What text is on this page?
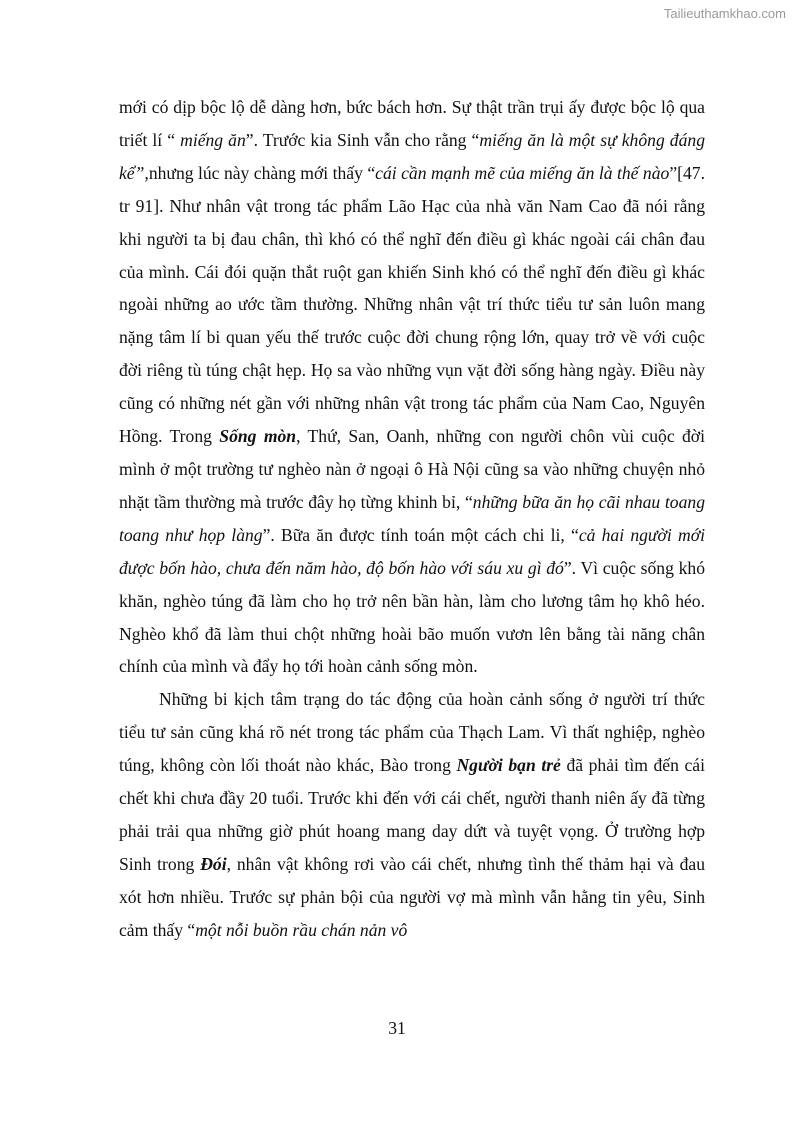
Tailieuthamkhao.com

mới có dịp bộc lộ dễ dàng hơn, bức bách hơn. Sự thật trần trụi ấy được bộc lộ qua triết lí “ miếng ăn”. Trước kia Sinh vẫn cho rằng “miếng ăn là một sự không đáng kể”,nhưng lúc này chàng mới thấy “cái cần mạnh mẽ của miếng ăn là thế nào”[47. tr 91]. Như nhân vật trong tác phẩm Lão Hạc của nhà văn Nam Cao đã nói rằng khi người ta bị đau chân, thì khó có thể nghĩ đến điều gì khác ngoài cái chân đau của mình. Cái đói quặn thắt ruột gan khiến Sinh khó có thể nghĩ đến điều gì khác ngoài những ao ước tầm thường. Những nhân vật trí thức tiểu tư sản luôn mang nặng tâm lí bi quan yếu thế trước cuộc đời chung rộng lớn, quay trở về với cuộc đời riêng tù túng chật hẹp. Họ sa vào những vụn vặt đời sống hàng ngày. Điều này cũng có những nét gần với những nhân vật trong tác phẩm của Nam Cao, Nguyên Hồng. Trong Sống mòn, Thứ, San, Oanh, những con người chôn vùi cuộc đời mình ở một trường tư nghèo nàn ở ngoại ô Hà Nội cũng sa vào những chuyện nhỏ nhặt tầm thường mà trước đây họ từng khinh bỉ, “những bữa ăn họ cãi nhau toang toang như họp làng”. Bữa ăn được tính toán một cách chi li, “cả hai người mới được bốn hào, chưa đến năm hào, độ bốn hào với sáu xu gì đó”. Vì cuộc sống khó khăn, nghèo túng đã làm cho họ trở nên bần hàn, làm cho lương tâm họ khô héo. Nghèo khổ đã làm thui chột những hoài bão muốn vươn lên bằng tài năng chân chính của mình và đẩy họ tới hoàn cảnh sống mòn.

Những bi kịch tâm trạng do tác động của hoàn cảnh sống ở người trí thức tiểu tư sản cũng khá rõ nét trong tác phẩm của Thạch Lam. Vì thất nghiệp, nghèo túng, không còn lối thoát nào khác, Bào trong Người bạn trẻ đã phải tìm đến cái chết khi chưa đầy 20 tuổi. Trước khi đến với cái chết, người thanh niên ấy đã từng phải trải qua những giờ phút hoang mang day dứt và tuyệt vọng. Ở trường hợp Sinh trong Đói, nhân vật không rơi vào cái chết, nhưng tình thế thảm hại và đau xót hơn nhiều. Trước sự phản bội của người vợ mà mình vẫn hằng tin yêu, Sinh cảm thấy “một nỗi buồn rầu chán nản vô

31
